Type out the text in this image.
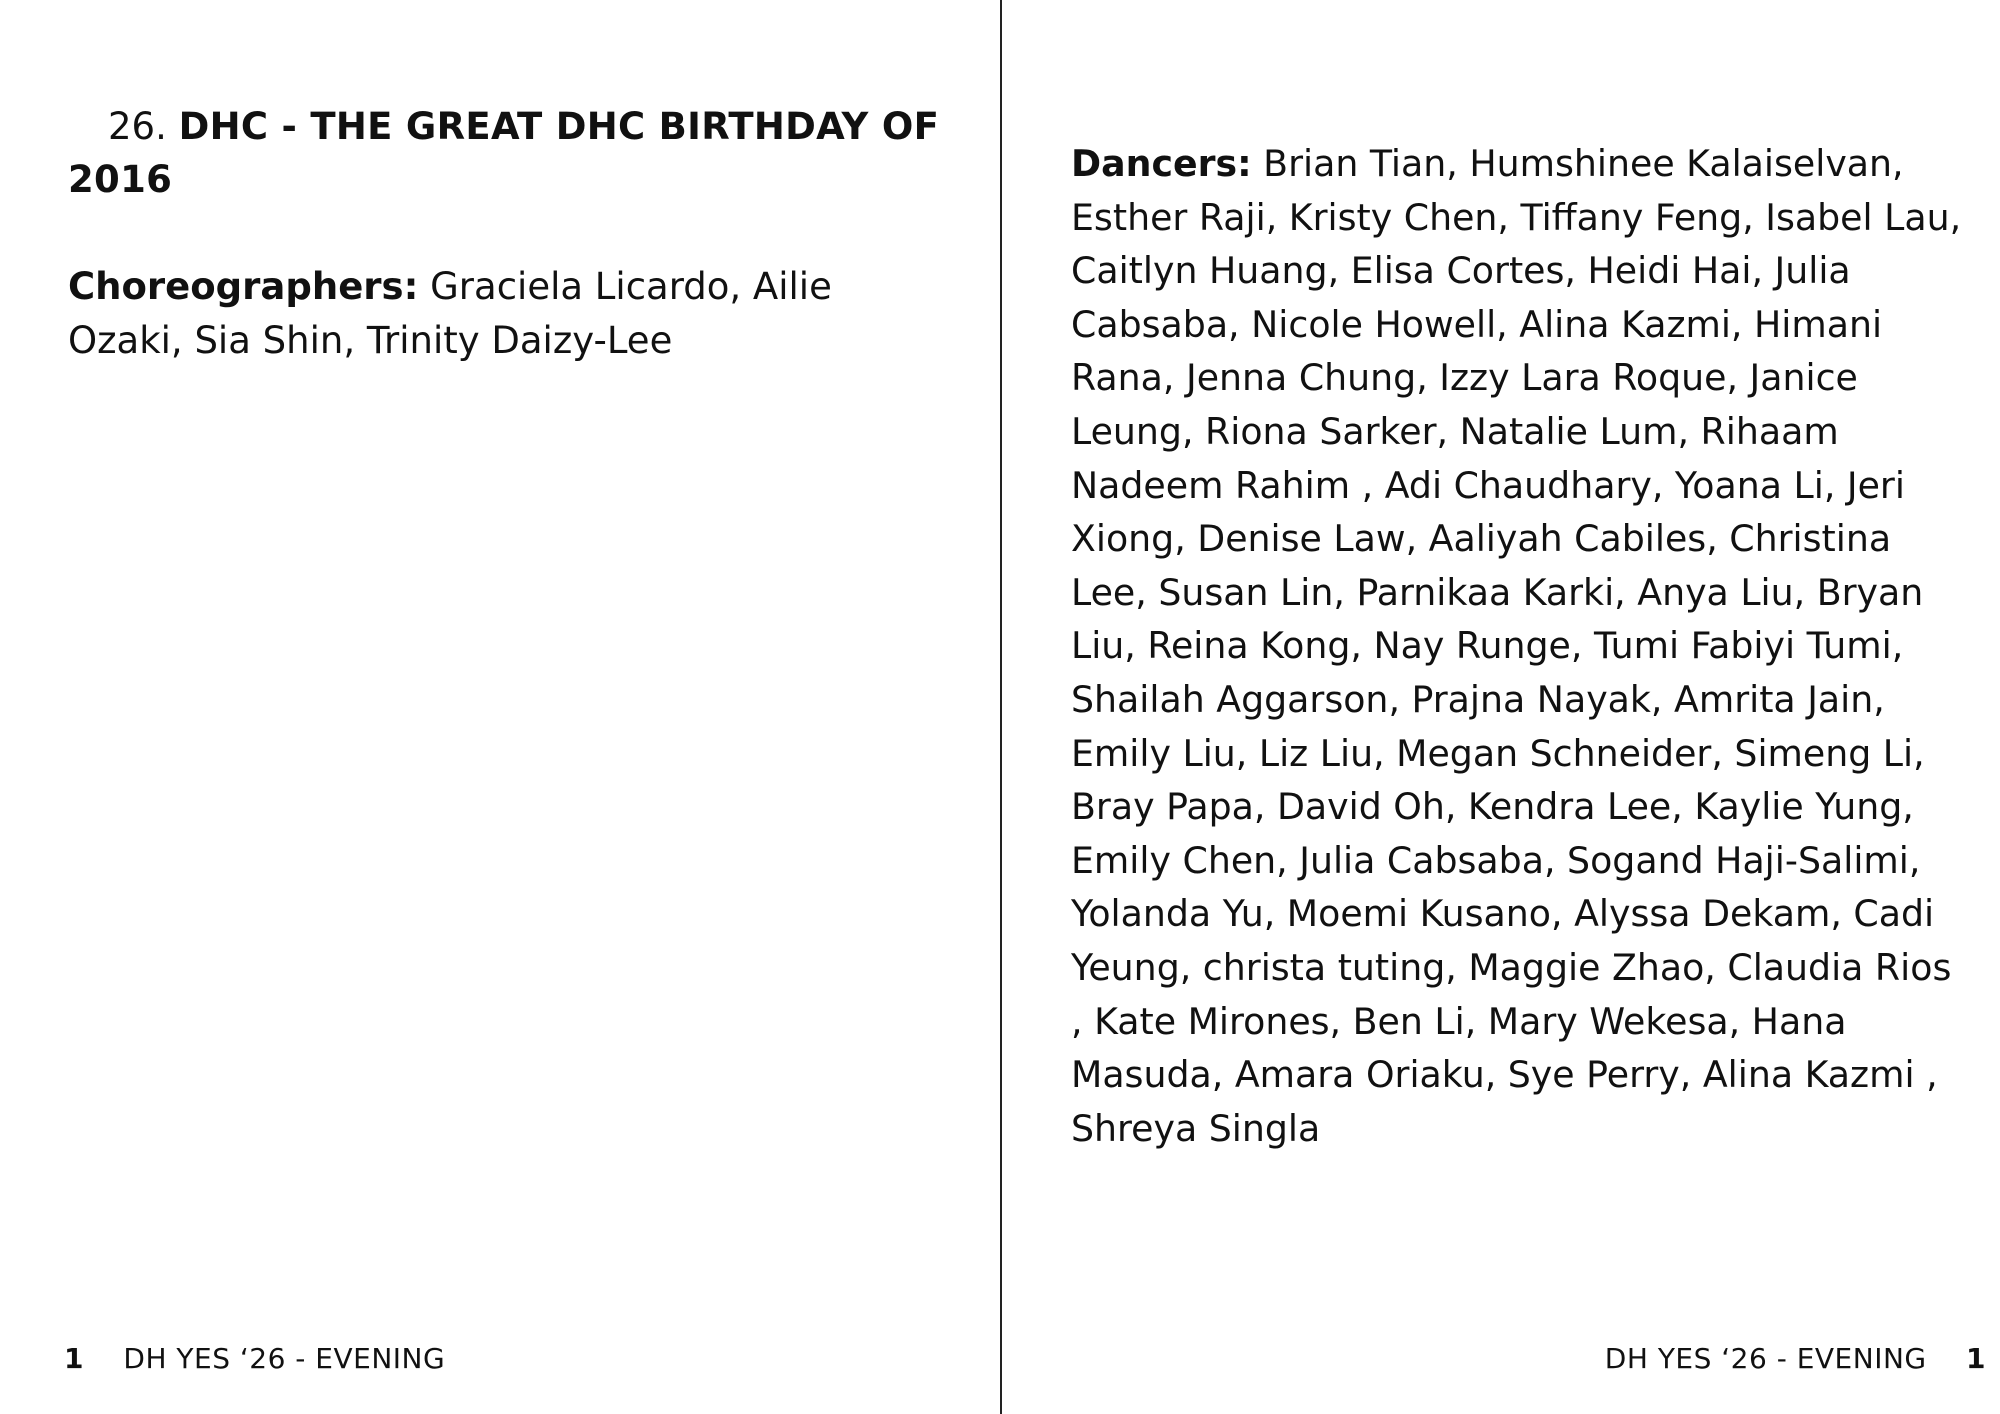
26. DHC - THE GREAT DHC BIRTHDAY OF 2016
Choreographers: Graciela Licardo, Ailie Ozaki, Sia Shin, Trinity Daizy-Lee
1 DH YES ‘26 - EVENING
Dancers: Brian Tian, Humshinee Kalaiselvan, Esther Raji, Kristy Chen, Tiffany Feng, Isabel Lau, Caitlyn Huang, Elisa Cortes, Heidi Hai, Julia Cabsaba, Nicole Howell, Alina Kazmi, Himani Rana, Jenna Chung, Izzy Lara Roque, Janice Leung, Riona Sarker, Natalie Lum, Rihaam Nadeem Rahim , Adi Chaudhary, Yoana Li, Jeri Xiong, Denise Law, Aaliyah Cabiles, Christina Lee, Susan Lin, Parnikaa Karki, Anya Liu, Bryan Liu, Reina Kong, Nay Runge, Tumi Fabiyi Tumi, Shailah Aggarson, Prajna Nayak, Amrita Jain, Emily Liu, Liz Liu, Megan Schneider, Simeng Li, Bray Papa, David Oh, Kendra Lee, Kaylie Yung, Emily Chen, Julia Cabsaba, Sogand Haji-Salimi, Yolanda Yu, Moemi Kusano, Alyssa Dekam, Cadi Yeung, christa tuting, Maggie Zhao, Claudia Rios , Kate Mirones, Ben Li, Mary Wekesa, Hana Masuda, Amara Oriaku, Sye Perry, Alina Kazmi , Shreya Singla
DH YES ‘26 - EVENING 1
